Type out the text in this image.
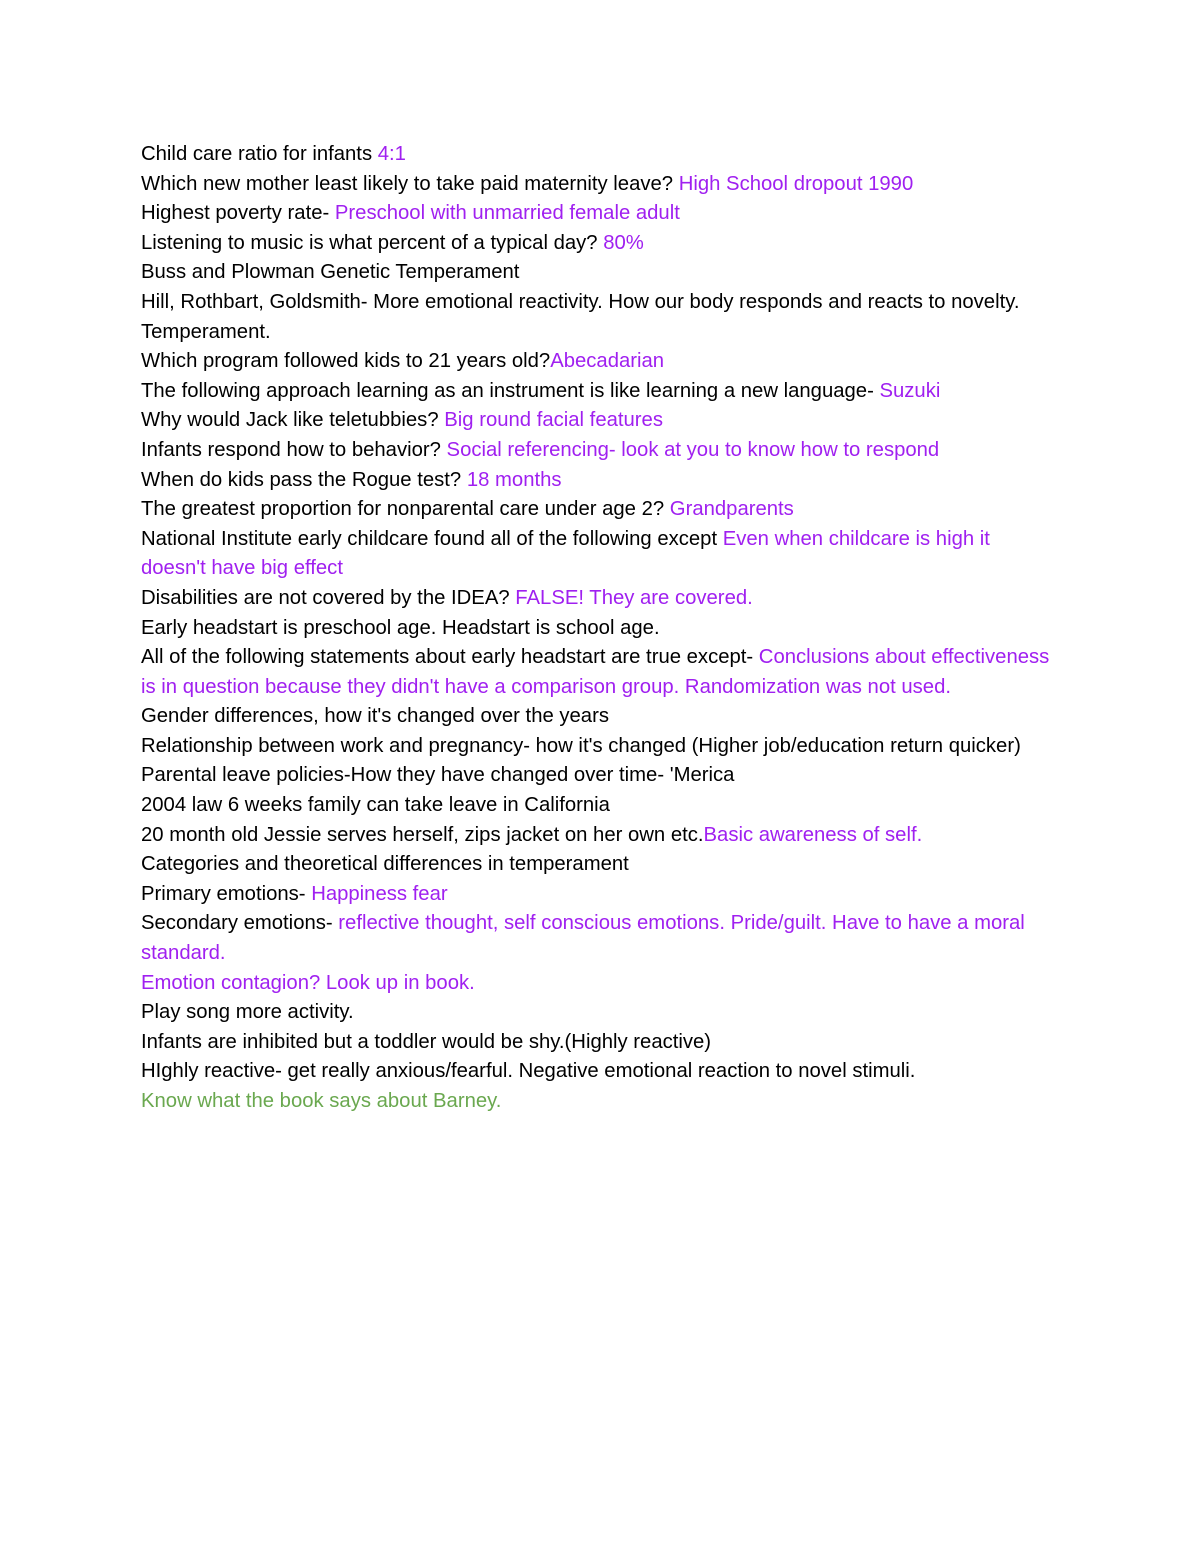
Child care ratio for infants 4:1

Which new mother least likely to take paid maternity leave? High School dropout 1990

Highest poverty rate- Preschool with unmarried female adult

Listening to music is what percent of a typical day? 80%

Buss and Plowman Genetic Temperament

Hill, Rothbart, Goldsmith- More emotional reactivity. How our body responds and reacts to novelty. Temperament.

Which program followed kids to 21 years old?Abecadarian

The following approach learning as an instrument is like learning a new language- Suzuki

Why would Jack like teletubbies? Big round facial features

Infants respond how to behavior? Social referencing- look at you to know how to respond

When do kids pass the Rogue test? 18 months

The greatest proportion for nonparental care under age 2? Grandparents

National Institute early childcare found all of the following except Even when childcare is high it doesn't have big effect

Disabilities are not covered by the IDEA? FALSE! They are covered.

Early headstart is preschool age. Headstart is school age.

All of the following statements about early headstart are true except- Conclusions about effectiveness is in question because they didn't have a comparison group. Randomization was not used.

Gender differences, how it's changed over the years

Relationship between work and pregnancy- how it's changed (Higher job/education return quicker)

Parental leave policies-How they have changed over time- 'Merica

2004 law 6 weeks family can take leave in California

20 month old Jessie serves herself, zips jacket on her own etc.Basic awareness of self.

Categories and theoretical differences in temperament

Primary emotions- Happiness fear

Secondary emotions- reflective thought, self conscious emotions. Pride/guilt. Have to have a moral standard.

Emotion contagion? Look up in book.

Play song more activity.

Infants are inhibited but a toddler would be shy.(Highly reactive)

HIghly reactive- get really anxious/fearful. Negative emotional reaction to novel stimuli.

Know what the book says about Barney.
